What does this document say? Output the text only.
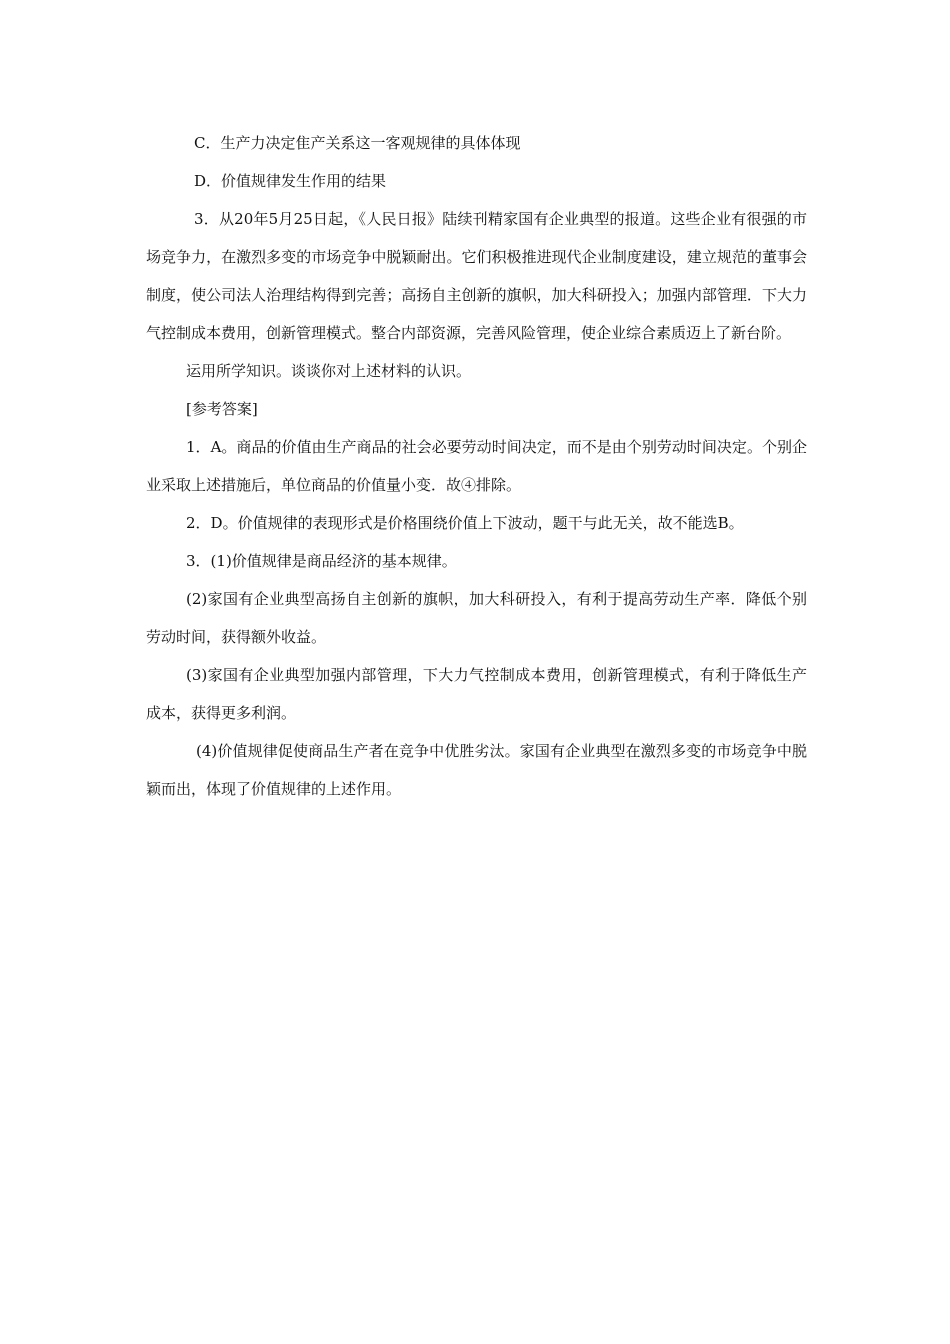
C．生产力决定隹产关系这一客观规律的具体体现

D．价值规律发生作用的结果

3．从20年5月25日起，《人民日报》陆续刊精家国有企业典型的报道。这些企业有很强的市场竞争力，在激烈多变的市场竞争中脱颖耐出。它们积极推进现代企业制度建设，建立规范的董事会制度，使公司法人治理结构得到完善；高扬自主创新的旗帜，加大科研投入；加强内部管理．下大力气控制成本费用，创新管理模式。整合内部资源，完善风险管理，使企业综合素质迈上了新台阶。

运用所学知识。谈谈你对上述材料的认识。

[参考答案]

1．A。商品的价值由生产商品的社会必要劳动时间决定，而不是由个别劳动时间决定。个别企业采取上述措施后，单位商品的价值量小变．故④排除。

2．D。价值规律的表现形式是价格围绕价值上下波动，题干与此无关，故不能选B。

3．(1)价值规律是商品经济的基本规律。

(2)家国有企业典型高扬自主创新的旗帜，加大科研投入，有利于提高劳动生产率．降低个别劳动时间，获得额外收益。

(3)家国有企业典型加强内部管理，下大力气控制成本费用，创新管理模式，有利于降低生产成本，获得更多利润。

(4)价值规律促使商品生产者在竞争中优胜劣汰。家国有企业典型在激烈多变的市场竞争中脱颖而出，体现了价值规律的上述作用。
